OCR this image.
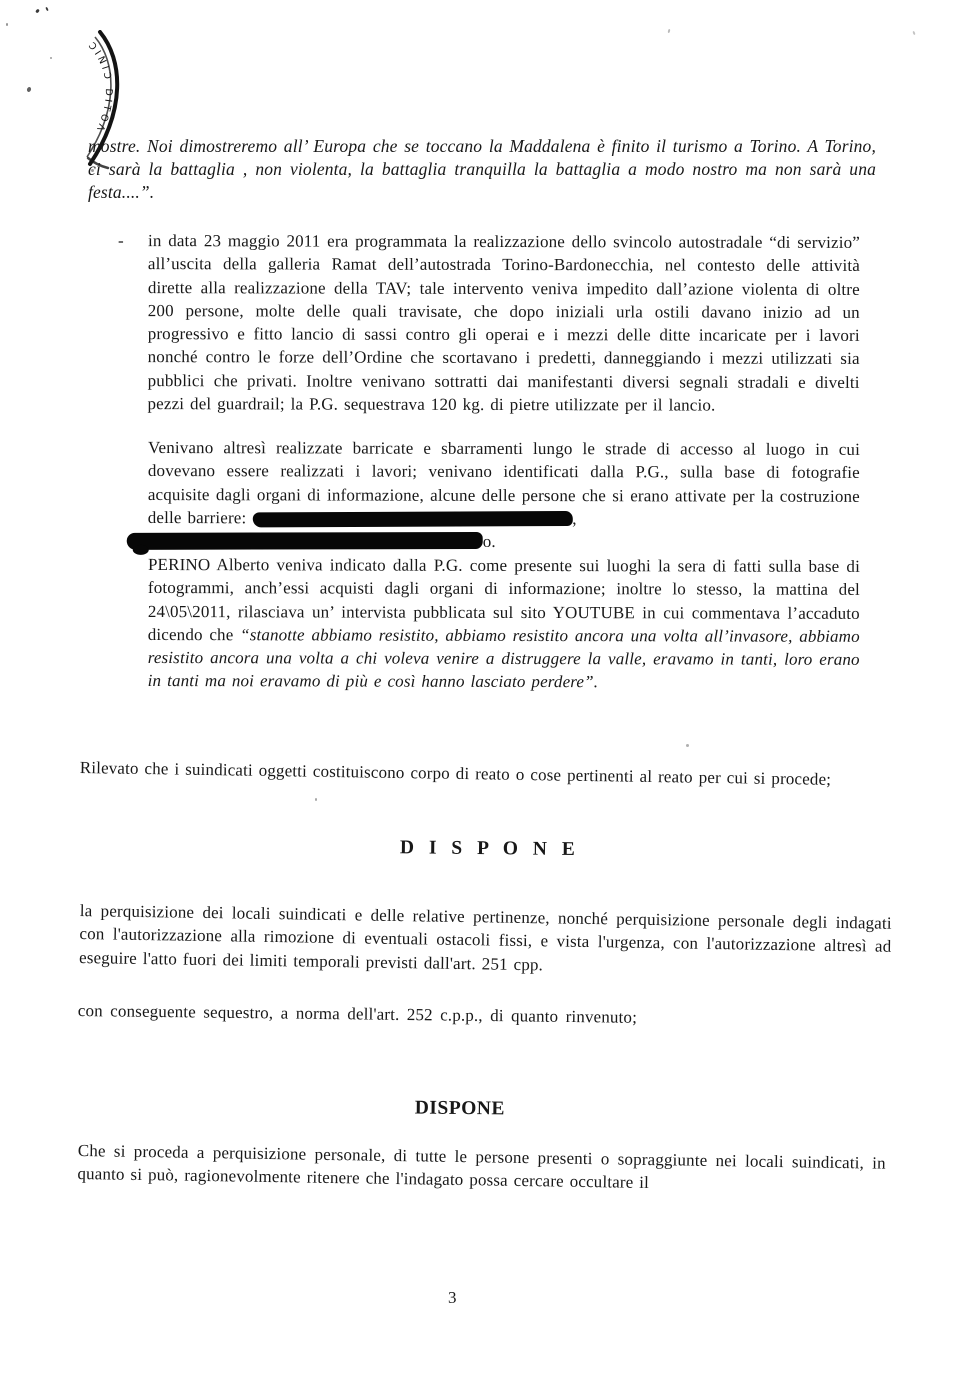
ƆINIƆ DITOΛ

mostre. Noi dimostreremo all’ Europa che se toccano la Maddalena è finito il turismo a Torino. A Torino, ci sarà la battaglia , non violenta, la battaglia tranquilla la battaglia a modo nostro ma non sarà una festa....”.

-	in data 23 maggio 2011 era programmata la realizzazione dello svincolo autostradale “di servizio” all’uscita della galleria Ramat dell’autostrada Torino-Bardonecchia, nel contesto delle attività dirette alla realizzazione della TAV; tale intervento veniva impedito dall’azione violenta di oltre 200 persone, molte delle quali travisate, che dopo iniziali urla ostili davano inizio ad un progressivo e fitto lancio di sassi contro gli operai e i mezzi delle ditte incaricate per i lavori nonché contro le forze dell’Ordine che scortavano i predetti, danneggiando i mezzi utilizzati sia pubblici che privati. Inoltre venivano sottratti dai manifestanti diversi segnali stradali e divelti pezzi del guardrail; la P.G. sequestrava 120 kg. di pietre utilizzate per il lancio.

Venivano altresì realizzate barricate e sbarramenti lungo le strade di accesso al luogo in cui dovevano essere realizzati i lavori; venivano identificati dalla P.G., sulla base di fotografie acquisite dagli organi di informazione, alcune delle persone che si erano attivate per la costruzione delle barriere:	,
o.

PERINO Alberto veniva indicato dalla P.G. come presente sui luoghi la sera di fatti sulla base di fotogrammi, anch’essi acquisti dagli organi di informazione; inoltre lo stesso, la mattina del 24\05\2011, rilasciava un’ intervista pubblicata sul sito YOUTUBE in cui commentava l’accaduto dicendo che “stanotte abbiamo resistito, abbiamo resistito ancora una volta all’invasore, abbiamo resistito ancora una volta a chi voleva venire a distruggere la valle, eravamo in tanti, loro erano in tanti ma noi eravamo di più e così hanno lasciato perdere”.

Rilevato che i suindicati oggetti costituiscono corpo di reato o cose pertinenti al reato per cui si procede;

D I S P O N E

la perquisizione dei locali suindicati e delle relative pertinenze, nonché perquisizione personale degli indagati con l'autorizzazione alla rimozione di eventuali ostacoli fissi, e vista l'urgenza, con l'autorizzazione altresì ad eseguire l'atto fuori dei limiti temporali previsti dall'art. 251 cpp.

con conseguente sequestro, a norma dell'art. 252 c.p.p., di quanto rinvenuto;

DISPONE

Che si proceda a perquisizione personale, di tutte le persone presenti o sopraggiunte nei locali suindicati, in quanto si può, ragionevolmente ritenere che l'indagato possa cercare occultare il

3
